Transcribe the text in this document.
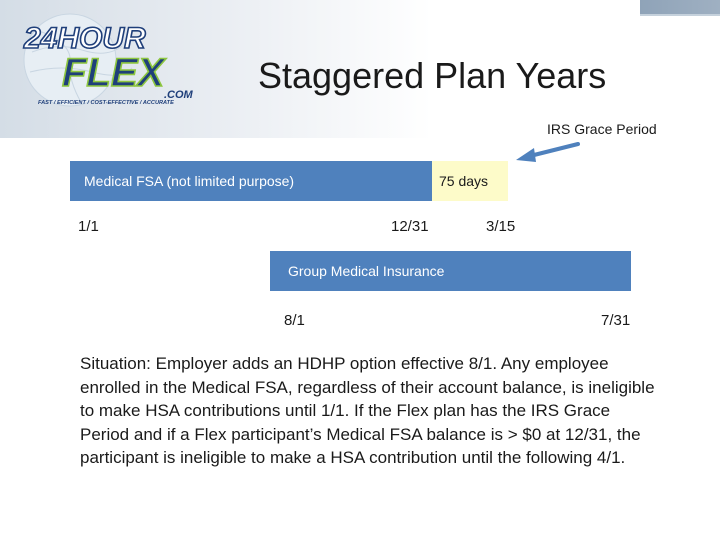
24HOUR
FLEX .COM
FAST / EFFICIENT / COST-EFFECTIVE / ACCURATE
Staggered Plan Years
IRS Grace Period
Medical FSA (not limited purpose)	75 days
1/1	12/31	3/15
Group Medical Insurance
8/1	7/31
Situation: Employer adds an HDHP option effective 8/1. Any employee enrolled in the Medical FSA, regardless of their account balance, is ineligible to make HSA contributions until 1/1. If the Flex plan has the IRS Grace Period and if a Flex participant’s Medical FSA balance is > $0 at 12/31, the participant is ineligible to make a HSA contribution until the following 4/1.
